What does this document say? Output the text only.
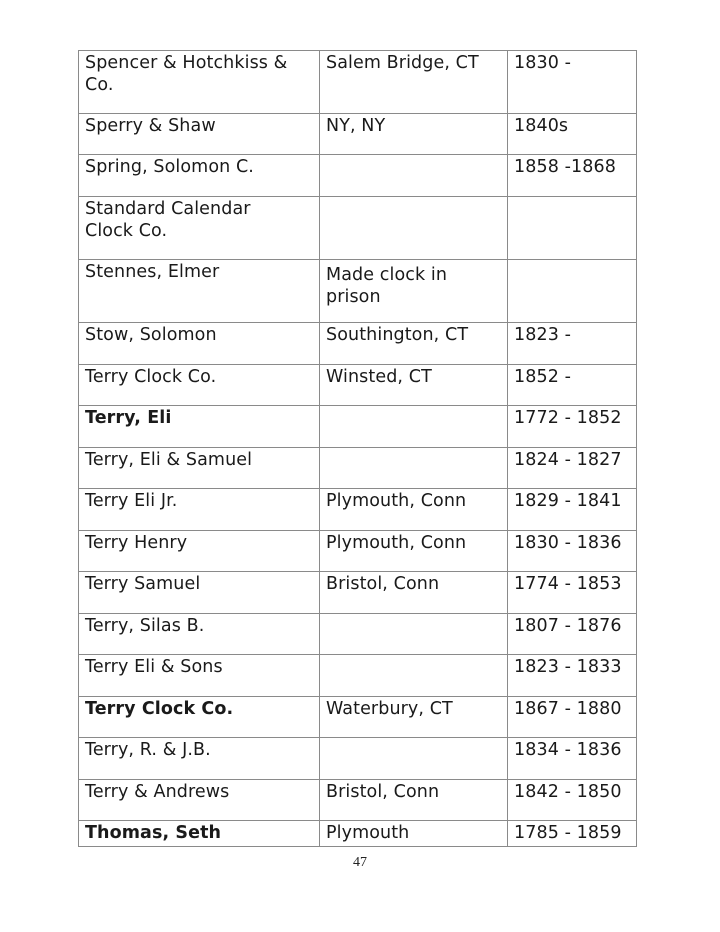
Spencer & Hotchkiss & Co.	Salem Bridge, CT	1830 -
Sperry & Shaw	NY, NY	1840s
Spring, Solomon C.		1858 -1868
Standard Calendar Clock Co.		
Stennes, Elmer	Made clock in prison	
Stow, Solomon	Southington, CT	1823 -
Terry Clock Co.	Winsted, CT	1852 -
Terry, Eli		1772 - 1852
Terry, Eli & Samuel		1824 - 1827
Terry Eli Jr.	Plymouth, Conn	1829 - 1841
Terry Henry	Plymouth, Conn	1830 - 1836
Terry Samuel	Bristol, Conn	1774 - 1853
Terry, Silas B.		1807 - 1876
Terry Eli & Sons		1823 - 1833
Terry Clock Co.	Waterbury, CT	1867 - 1880
Terry, R. & J.B.		1834 - 1836
Terry & Andrews	Bristol, Conn	1842 - 1850
Thomas, Seth	Plymouth	1785 - 1859
47
